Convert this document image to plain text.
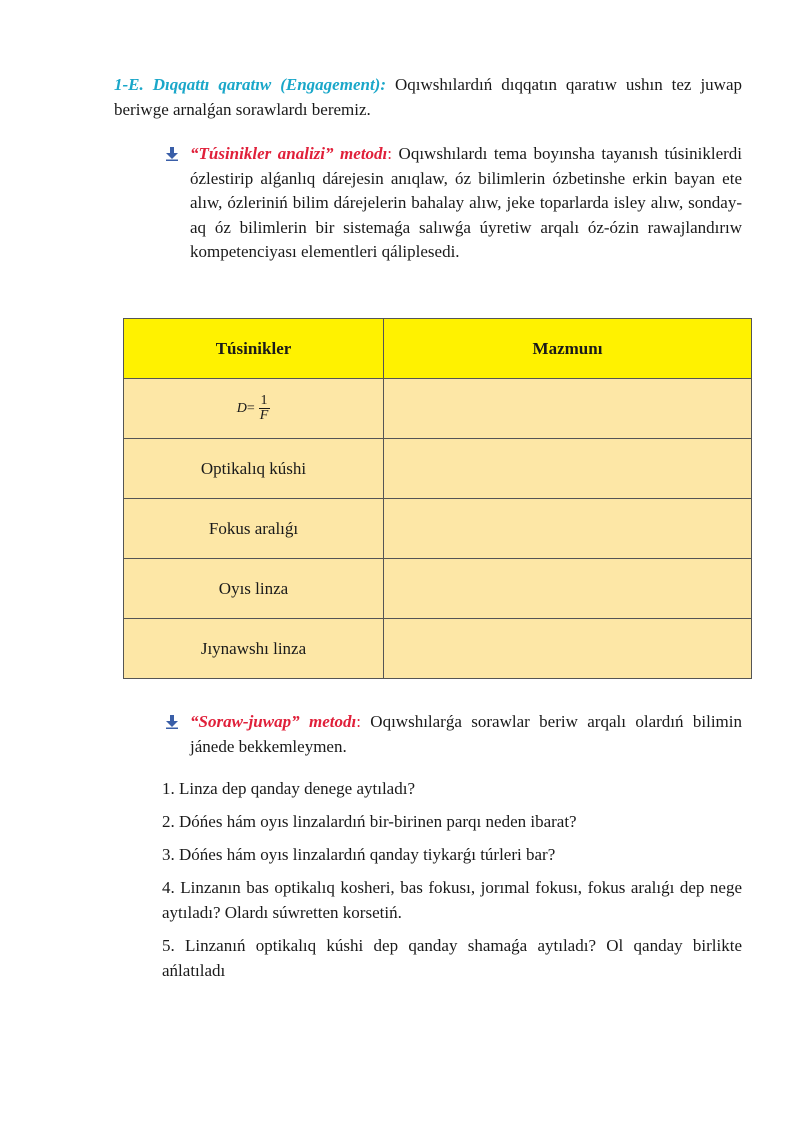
1-E. Dıqqattı qaratıw (Engagement): Oqıwshılardıń dıqqatın qaratıw ushın tez juwap beriwge arnalǵan sorawlardı beremiz.

“Túsinikler analizi” metodı: Oqıwshılardı tema boyınsha tayanısh túsiniklerdi ózlestirip alǵanlıq dárejesin anıqlaw, óz bilimlerin ózbetinshe erkin bayan ete alıw, ózleriniń bilim dárejelerin bahalay alıw, jeke toparlarda isley alıw, sonday-aq óz bilimlerin bir sistemaǵa salıwǵa úyretiw arqalı óz-ózin rawajlandırıw kompetenciyası elementleri qáliplesedi.
Túsinikler	Mazmunı

$D = \frac{1}{F}$

Optikalıq kúshi	
Fokus aralıǵı	
Oyıs linza	
Jıynawshı linza	
“Soraw-juwap” metodı: Oqıwshılarǵa sorawlar beriw arqalı olardıń bilimin jánede bekkemleymen.

1. Linza dep qanday denege aytıladı?

2. Dóńes hám oyıs linzalardıń bir-birinen parqı neden ibarat?

3. Dóńes hám oyıs linzalardıń qanday tiykarǵı túrleri bar?

4. Linzanın bas optikalıq kosheri, bas fokusı, jorımal fokusı, fokus aralıǵı dep nege aytıladı? Olardı súwretten korsetiń.

5. Linzanıń optikalıq kúshi dep qanday shamaǵa aytıladı? Ol qanday birlikte ańlatıladı
